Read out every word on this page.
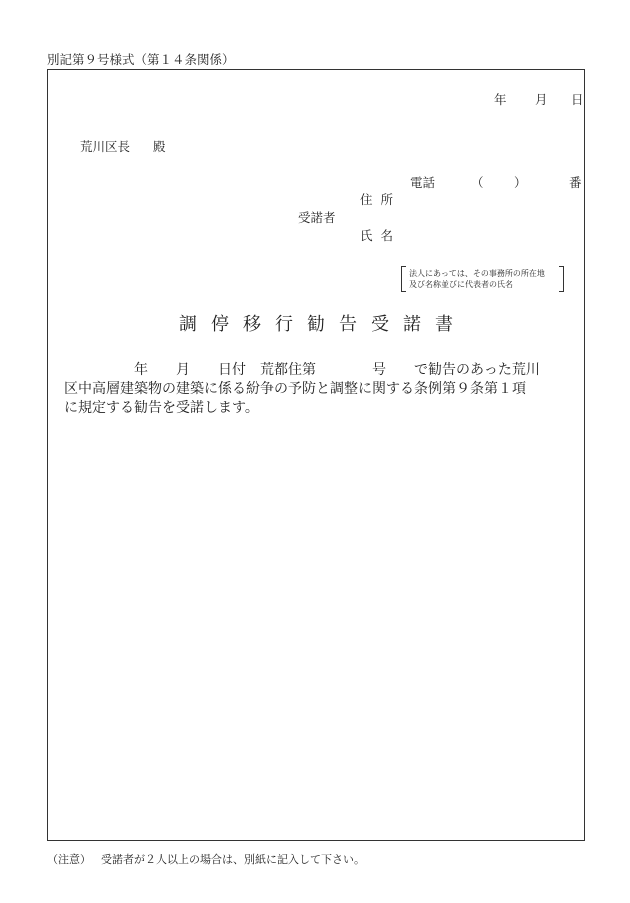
別記第９号様式（第１４条関係）
年 月 日
荒川区長 殿
電話	（ ）	番
住 所
受諾者
氏 名
法人にあっては、その事務所の所在地
及び名称並びに代表者の氏名
調停移行勧告受諾書
　　　　　年　　月　　日付　荒都住第　　　　号　　で勧告のあった荒川
区中高層建築物の建築に係る紛争の予防と調整に関する条例第９条第１項
に規定する勧告を受諾します。
（注意） 受諾者が２人以上の場合は、別紙に記入して下さい。
